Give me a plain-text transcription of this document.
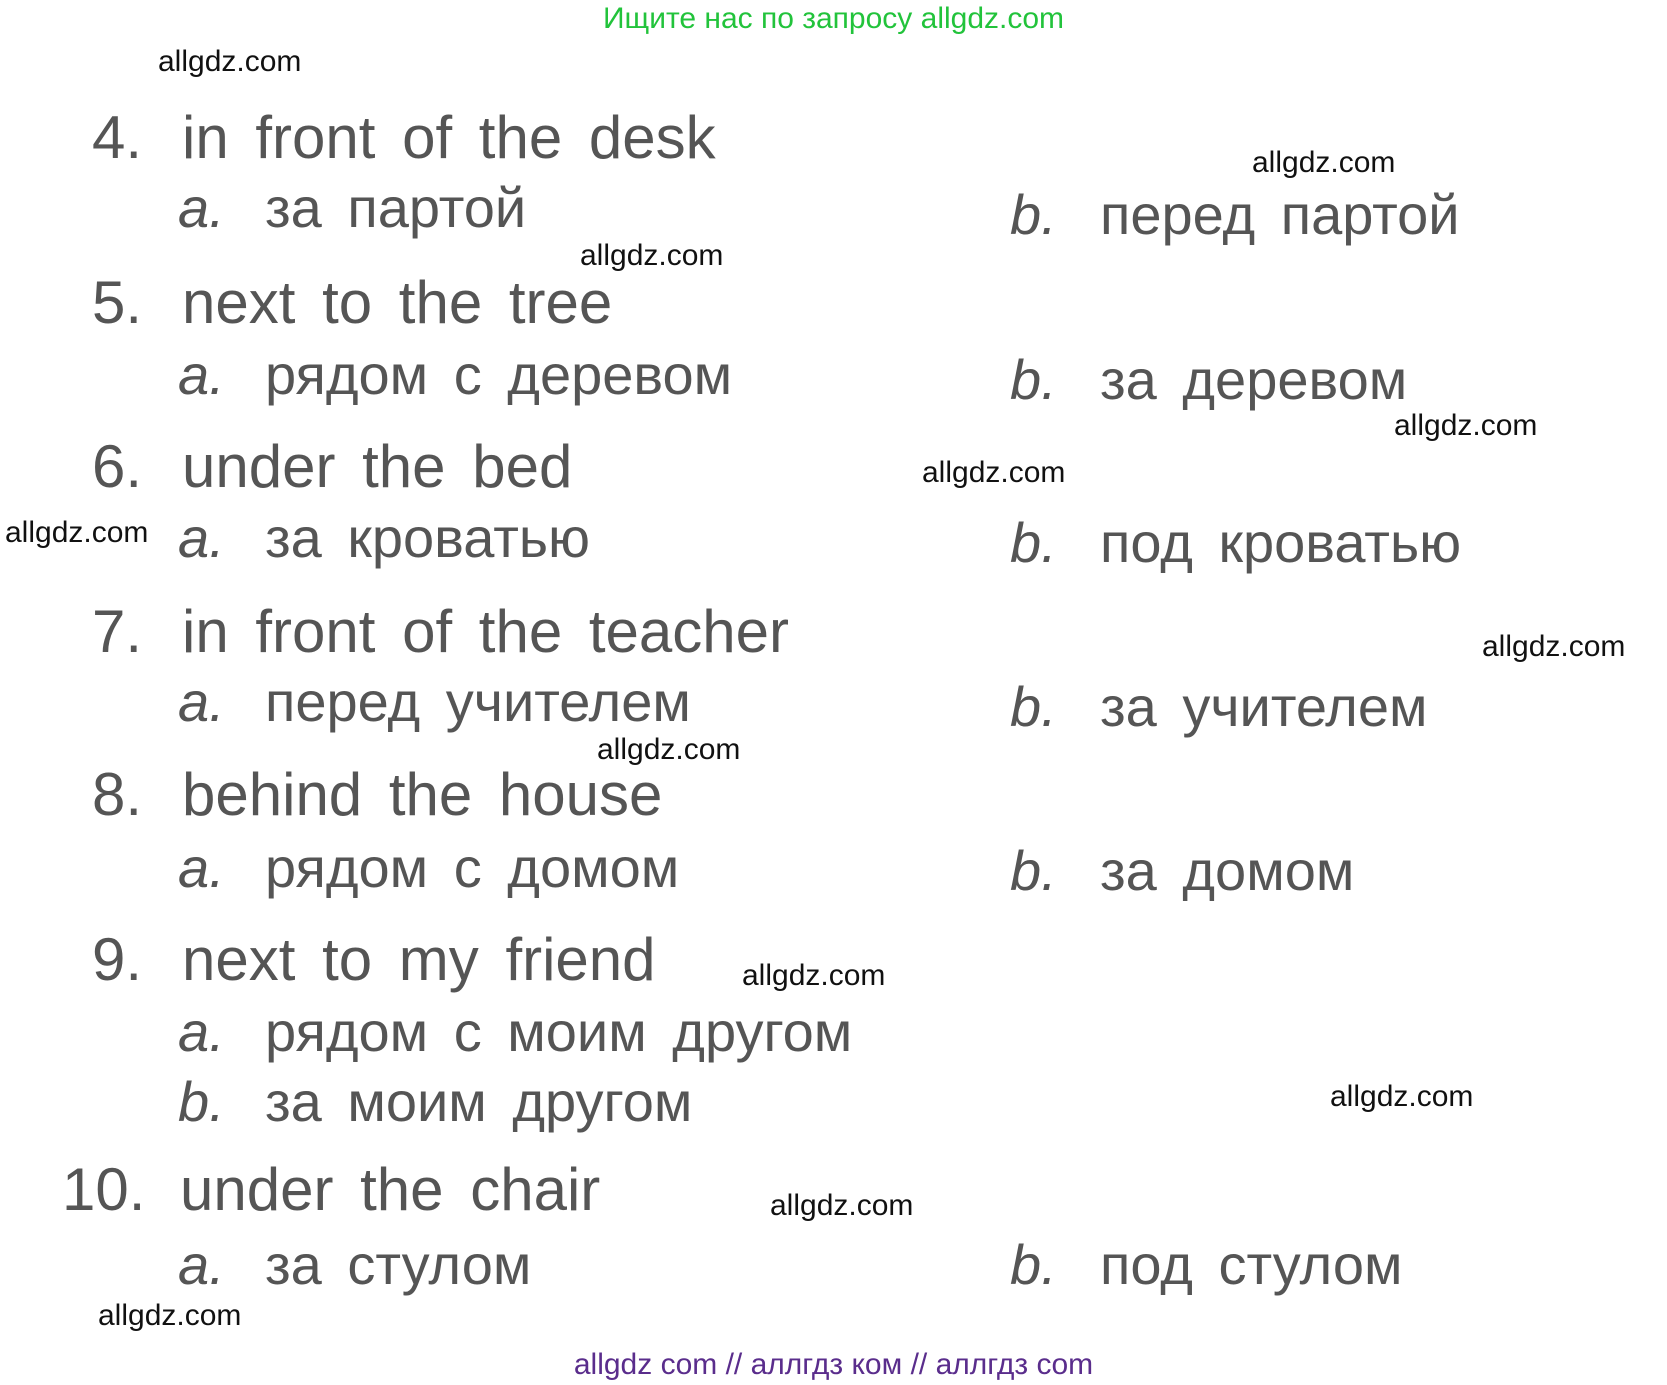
Ищите нас по запросу allgdz.com
allgdz com // аллгдз ком // аллгдз com
4. in front of the desk
a. за партой	b. перед партой
5. next to the tree
a. рядом с деревом	b. за деревом
6. under the bed
a. за кроватью	b. под кроватью
7. in front of the teacher
a. перед учителем	b. за учителем
8. behind the house
a. рядом с домом	b. за домом
9. next to my friend
a. рядом с моим другом
b. за моим другом
10. under the chair
a. за стулом	b. под стулом
allgdz.com
allgdz.com
allgdz.com
allgdz.com
allgdz.com
allgdz.com
allgdz.com
allgdz.com
allgdz.com
allgdz.com
allgdz.com
allgdz.com
